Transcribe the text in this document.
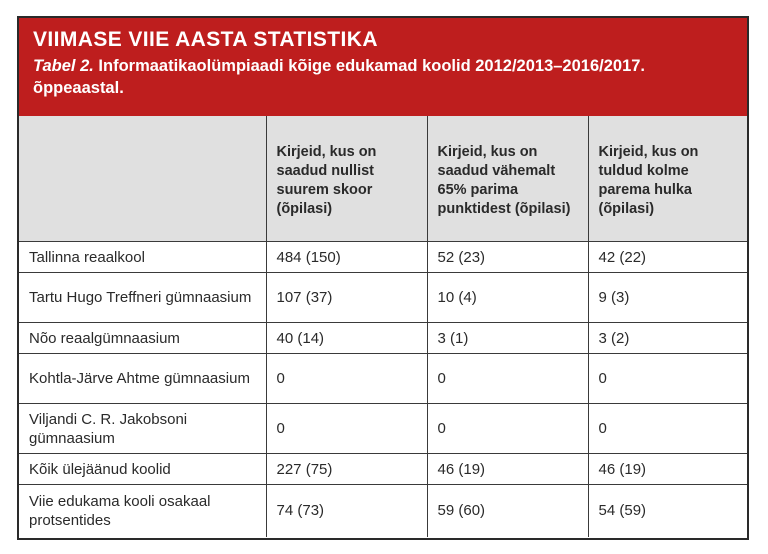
VIIMASE VIIE AASTA STATISTIKA
Tabel 2. Informaatikaolümpiaadi kõige edukamad koolid 2012/2013–2016/2017. õppeaastal.
	Kirjeid, kus on saadud nullist suurem skoor (õpilasi)	Kirjeid, kus on saadud vähemalt 65% parima punktidest (õpilasi)	Kirjeid, kus on tuldud kolme parema hulka (õpilasi)
Tallinna reaalkool	484 (150)	52 (23)	42 (22)
Tartu Hugo Treffneri gümnaasium	107 (37)	10 (4)	9 (3)
Nõo reaalgümnaasium	40 (14)	3 (1)	3 (2)
Kohtla-Järve Ahtme gümnaasium	0	0	0
Viljandi C. R. Jakobsoni gümnaasium	0	0	0
Kõik ülejäänud koolid	227 (75)	46 (19)	46 (19)
Viie edukama kooli osakaal protsentides	74 (73)	59 (60)	54 (59)
